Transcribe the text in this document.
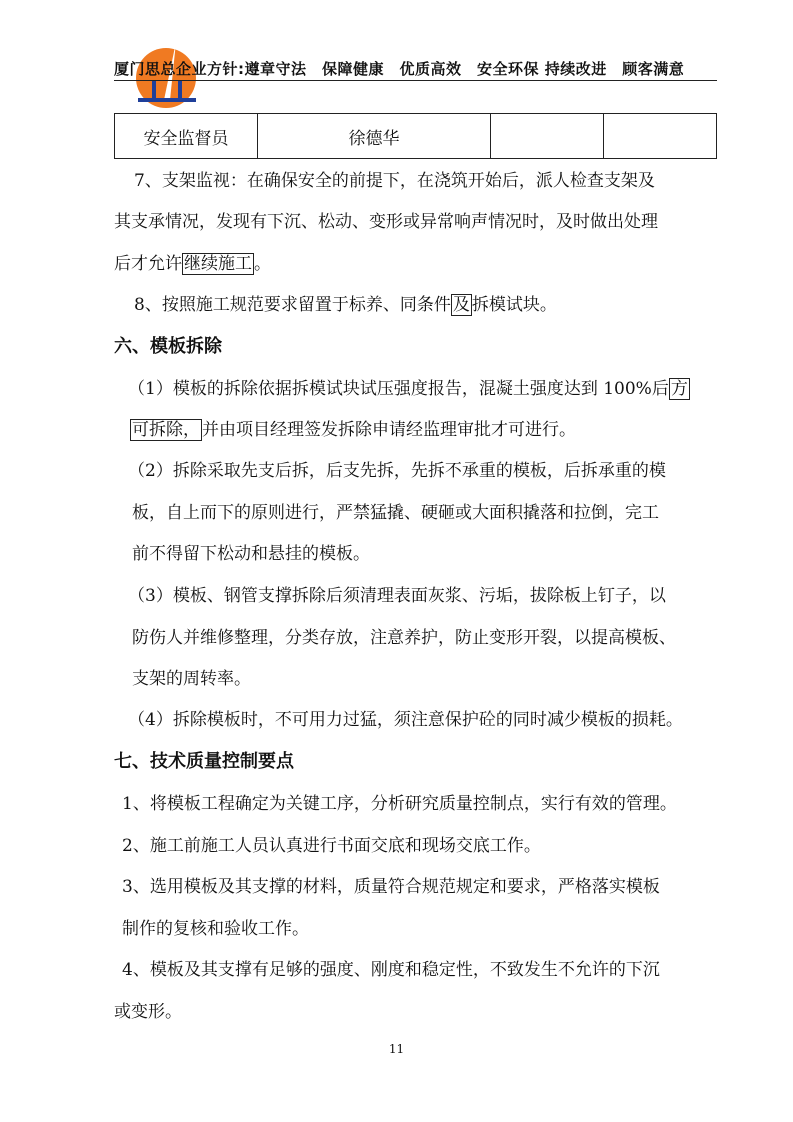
厦门思总企业方针:遵章守法　保障健康　优质高效　安全环保 持续改进　顾客满意
安全监督员	徐德华		
7、支架监视：在确保安全的前提下，在浇筑开始后，派人检查支架及
其支承情况，发现有下沉、松动、变形或异常响声情况时，及时做出处理
后才允许 继续施工 。
8、按照施工规范要求留置于标养、同条件 及 拆模试块。
六、模板拆除
（1）模板的拆除依据拆模试块试压强度报告，混凝土强度达到 100%后 方
可拆除， 并由项目经理签发拆除申请经监理审批才可进行。
（2）拆除采取先支后拆，后支先拆，先拆不承重的模板，后拆承重的模
板，自上而下的原则进行，严禁猛撬、硬砸或大面积撬落和拉倒，完工
前不得留下松动和悬挂的模板。
（3）模板、钢管支撑拆除后须清理表面灰浆、污垢，拔除板上钉子，以
防伤人并维修整理，分类存放，注意养护，防止变形开裂，以提高模板、
支架的周转率。
（4）拆除模板时，不可用力过猛，须注意保护砼的同时减少模板的损耗。
七、技术质量控制要点
1、将模板工程确定为关键工序，分析研究质量控制点，实行有效的管理。
2、施工前施工人员认真进行书面交底和现场交底工作。
3、选用模板及其支撑的材料，质量符合规范规定和要求，严格落实模板
制作的复核和验收工作。
4、模板及其支撑有足够的强度、刚度和稳定性，不致发生不允许的下沉
或变形。
11
